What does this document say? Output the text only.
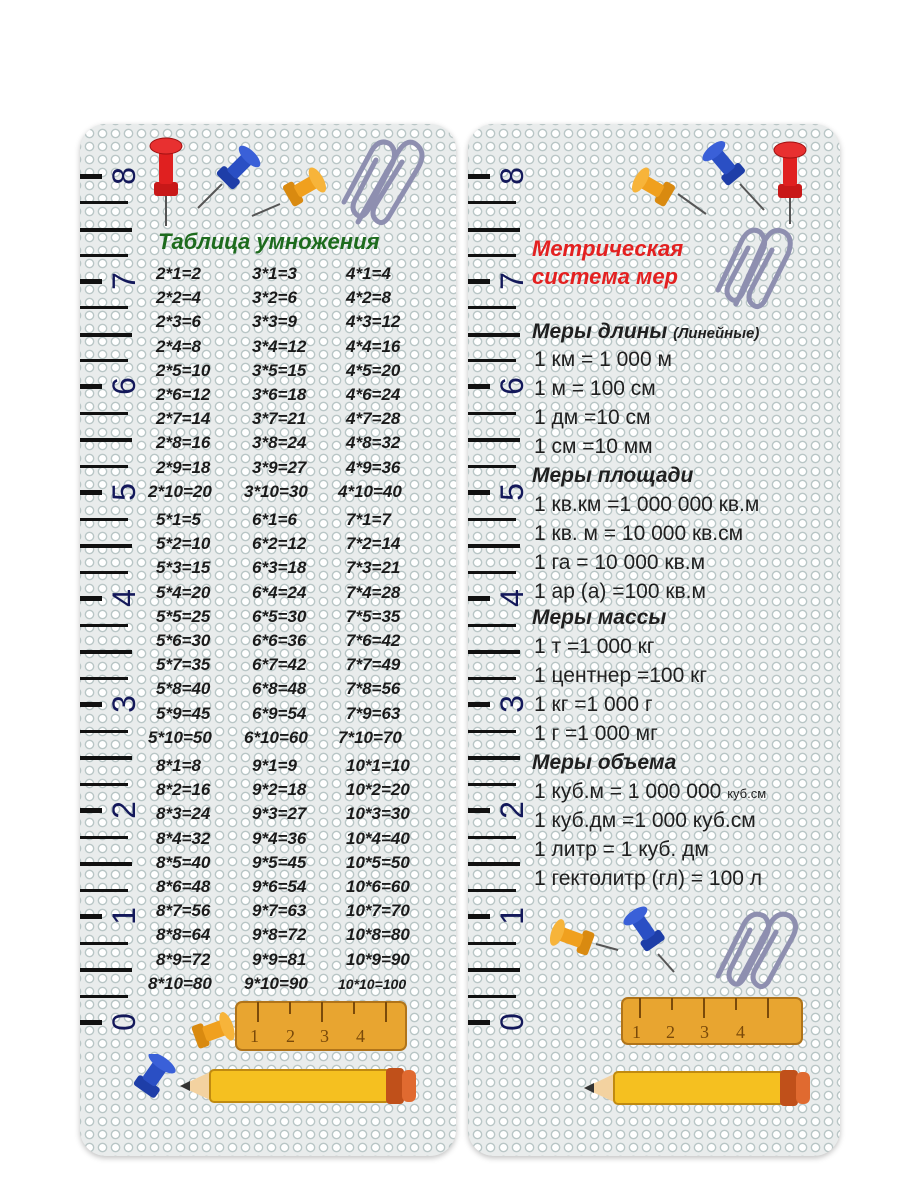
Таблица умножения
1 2 3 4
8
7
6
5
4
3
2
1
0
2*1=2	3*1=3	4*1=4
2*2=4	3*2=6	4*2=8
2*3=6	3*3=9	4*3=12
2*4=8	3*4=12 4*4=16
2*5=10 3*5=15 4*5=20
2*6=12 3*6=18 4*6=24
2*7=14 3*7=21 4*7=28
2*8=16 3*8=24 4*8=32
2*9=18 3*9=27 4*9=36
2*10=20 3*10=30 4*10=40
5*1=5	6*1=6	7*1=7
5*2=10 6*2=12 7*2=14
5*3=15 6*3=18 7*3=21
5*4=20 6*4=24 7*4=28
5*5=25 6*5=30 7*5=35
5*6=30 6*6=36 7*6=42
5*7=35 6*7=42 7*7=49
5*8=40 6*8=48 7*8=56
5*9=45 6*9=54 7*9=63
5*10=50 6*10=60 7*10=70
8*1=8	9*1=9	10*1=10
8*2=16 9*2=18 10*2=20
8*3=24 9*3=27 10*3=30
8*4=32 9*4=36 10*4=40
8*5=40 9*5=45 10*5=50
8*6=48 9*6=54 10*6=60
8*7=56 9*7=63 10*7=70
8*8=64 9*8=72 10*8=80
8*9=72 9*9=81 10*9=90
8*10=80 9*10=90 10*10=100
Метрическая
система мер
Меры длины (Линейные)
1 км = 1 000 м
1 м = 100 см
1 дм =10 см
1 см =10 мм
Меры площади
1 кв.км =1 000 000 кв.м
1 кв. м = 10 000 кв.см
1 га = 10 000 кв.м
1 ар (а) =100 кв.м
Меры массы
1 т =1 000 кг
1 центнер =100 кг
1 кг =1 000 г
1 г =1 000 мг
Меры объема
1 куб.м = 1 000 000 куб.см
1 куб.дм =1 000 куб.см
1 литр = 1 куб. дм
1 гектолитр (гл) = 100 л
1 2 3 4
8
7
6
5
4
3
2
1
0
